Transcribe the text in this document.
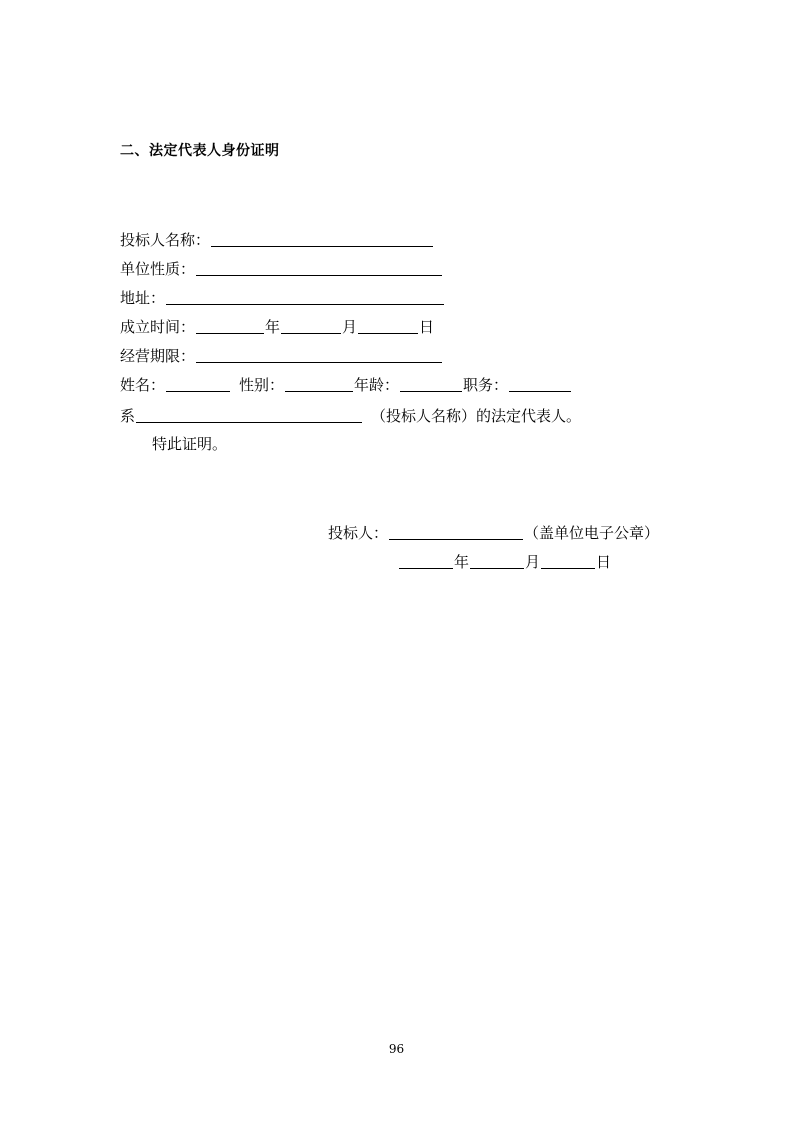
二、法定代表人身份证明
投标人名称：
单位性质：
地址：
成立时间：	年	月	日
经营期限：
姓名：	性别：	年龄：	职务：
系	（投标人名称）的法定代表人。
特此证明。
投标人：	（盖单位电子公章）
年	月	日
96
